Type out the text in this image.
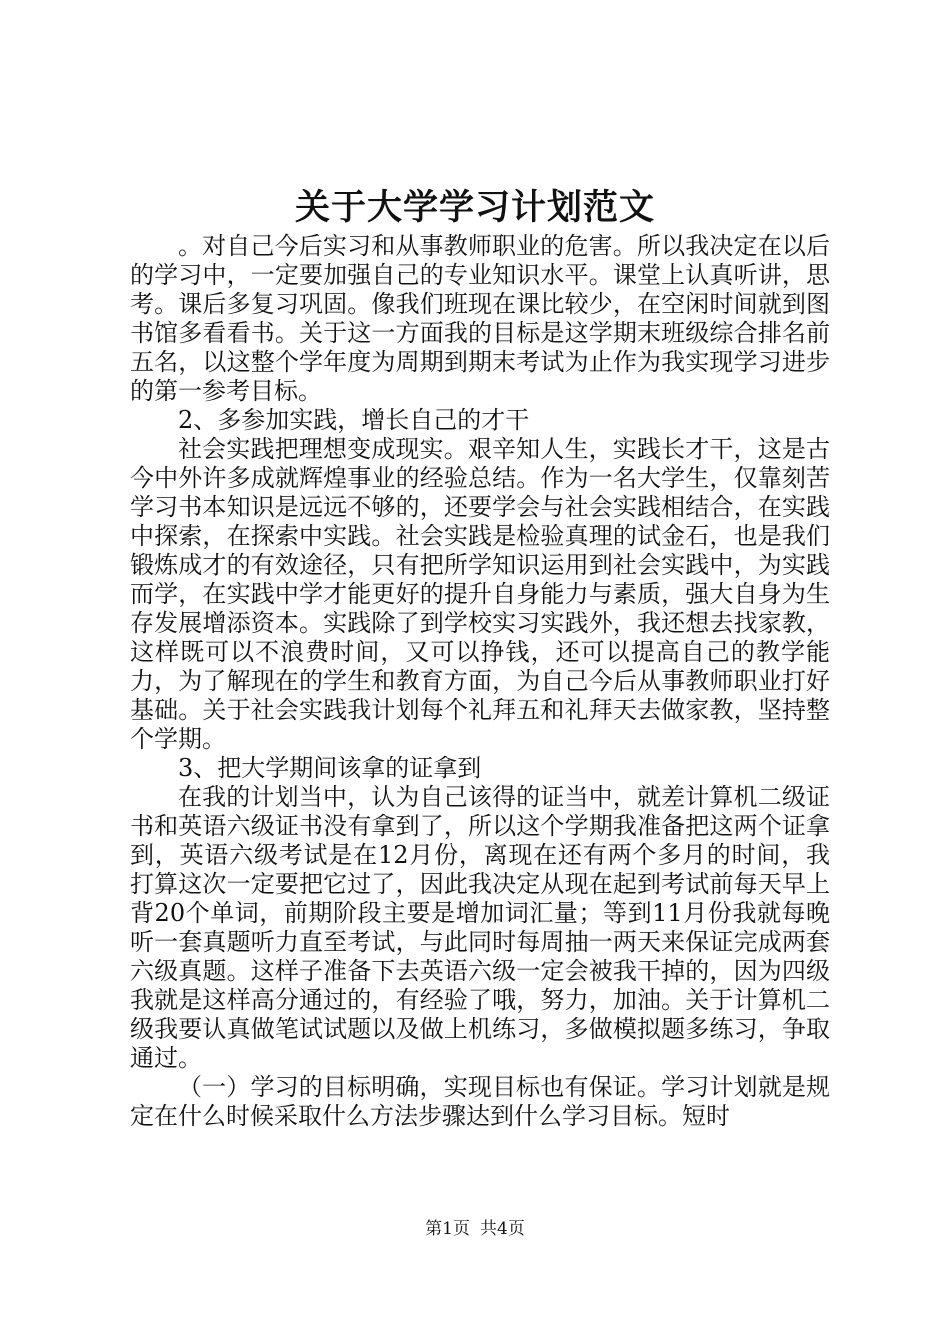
关于大学学习计划范文

。对自己今后实习和从事教师职业的危害。所以我决定在以后的学习中，一定要加强自己的专业知识水平。课堂上认真听讲，思考。课后多复习巩固。像我们班现在课比较少，在空闲时间就到图书馆多看看书。关于这一方面我的目标是这学期末班级综合排名前五名，以这整个学年度为周期到期末考试为止作为我实现学习进步的第一参考目标。

2、多参加实践，增长自己的才干

社会实践把理想变成现实。艰辛知人生，实践长才干，这是古今中外许多成就辉煌事业的经验总结。作为一名大学生，仅靠刻苦学习书本知识是远远不够的，还要学会与社会实践相结合，在实践中探索，在探索中实践。社会实践是检验真理的试金石，也是我们锻炼成才的有效途径，只有把所学知识运用到社会实践中，为实践而学，在实践中学才能更好的提升自身能力与素质，强大自身为生存发展增添资本。实践除了到学校实习实践外，我还想去找家教，这样既可以不浪费时间，又可以挣钱，还可以提高自己的教学能力，为了解现在的学生和教育方面，为自己今后从事教师职业打好基础。关于社会实践我计划每个礼拜五和礼拜天去做家教，坚持整个学期。

3、把大学期间该拿的证拿到

在我的计划当中，认为自己该得的证当中，就差计算机二级证书和英语六级证书没有拿到了，所以这个学期我准备把这两个证拿到，英语六级考试是在12月份，离现在还有两个多月的时间，我打算这次一定要把它过了，因此我决定从现在起到考试前每天早上背20个单词，前期阶段主要是增加词汇量；等到11月份我就每晚听一套真题听力直至考试，与此同时每周抽一两天来保证完成两套六级真题。这样子准备下去英语六级一定会被我干掉的，因为四级我就是这样高分通过的，有经验了哦，努力，加油。关于计算机二级我要认真做笔试试题以及做上机练习，多做模拟题多练习，争取通过。

（一）学习的目标明确，实现目标也有保证。学习计划就是规定在什么时候采取什么方法步骤达到什么学习目标。短时

第1页 共4页
